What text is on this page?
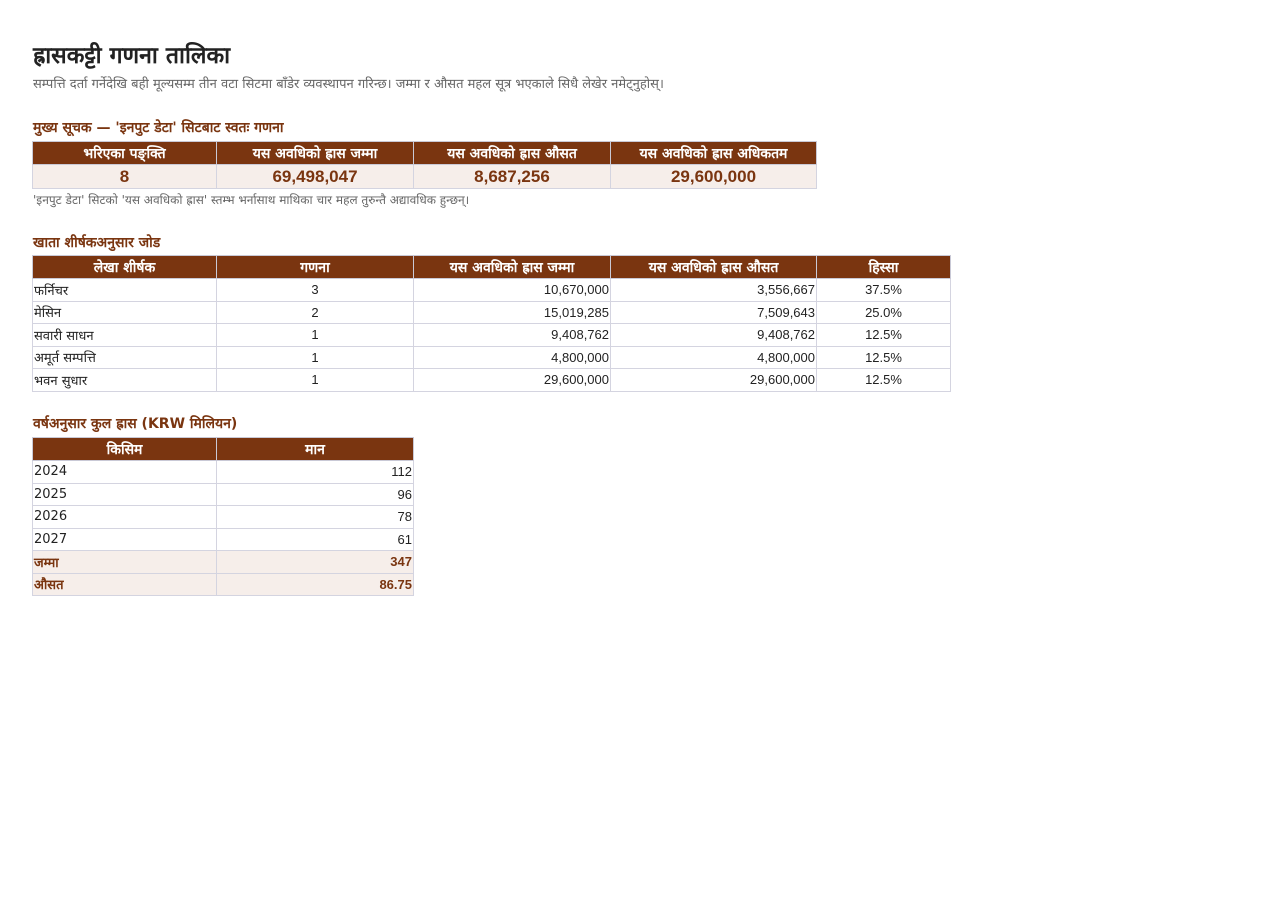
ह्रासकट्टी गणना तालिका
सम्पत्ति दर्ता गर्नेदेखि बही मूल्यसम्म तीन वटा सिटमा बाँडेर व्यवस्थापन गरिन्छ। जम्मा र औसत महल सूत्र भएकाले सिधै लेखेर नमेट्नुहोस्।
मुख्य सूचक — 'इनपुट डेटा' सिटबाट स्वतः गणना
भरिएका पङ्क्ति	यस अवधिको ह्रास जम्मा	यस अवधिको ह्रास औसत	यस अवधिको ह्रास अधिकतम
8	69,498,047	8,687,256	29,600,000
'इनपुट डेटा' सिटको 'यस अवधिको ह्रास' स्तम्भ भर्नासाथ माथिका चार महल तुरुन्तै अद्यावधिक हुन्छन्।
खाता शीर्षकअनुसार जोड
लेखा शीर्षक	गणना	यस अवधिको ह्रास जम्मा	यस अवधिको ह्रास औसत	हिस्सा
फर्निचर	3	10,670,000	3,556,667	37.5%
मेसिन	2	15,019,285	7,509,643	25.0%
सवारी साधन	1	9,408,762	9,408,762	12.5%
अमूर्त सम्पत्ति	1	4,800,000	4,800,000	12.5%
भवन सुधार	1	29,600,000	29,600,000	12.5%
वर्षअनुसार कुल ह्रास (KRW मिलियन)
किसिम	मान
2024	112
2025	96
2026	78
2027	61
जम्मा	347
औसत	86.75
